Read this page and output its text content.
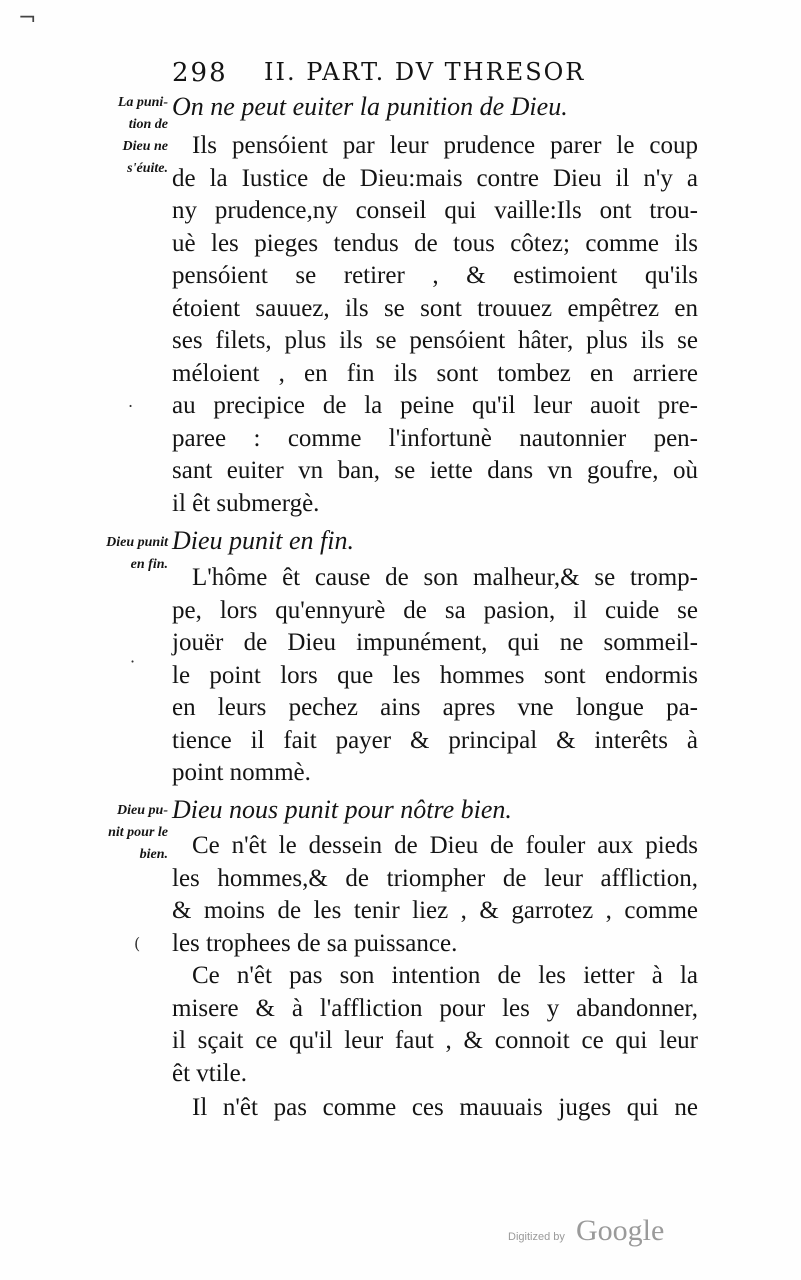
¬
298 II. PART. DV THRESOR
La puni-
tion de
Dieu ne
s'éuite.
On ne peut euiter la punition de Dieu.
Ils pensóient par leur prudence parer le coup
de la Iustice de Dieu:mais contre Dieu il n'y a
ny prudence,ny conseil qui vaille:Ils ont trou-
uè les pieges tendus de tous côtez; comme ils
pensóient se retirer , & estimoient qu'ils
étoient sauuez, ils se sont trouuez empêtrez en
ses filets, plus ils se pensóient hâter, plus ils se
méloient , en fin ils sont tombez en arriere
au precipice de la peine qu'il leur auoit pre-
paree : comme l'infortunè nautonnier pen-
sant euiter vn ban, se iette dans vn goufre, où
il êt submergè.
Dieu punit
en fin.
Dieu punit en fin.
L'hôme êt cause de son malheur,& se tromp-
pe, lors qu'ennyurè de sa pasion, il cuide se
jouër de Dieu impunément, qui ne sommeil-
le point lors que les hommes sont endormis
en leurs pechez ains apres vne longue pa-
tience il fait payer & principal & interêts à
point nommè.
Dieu pu-
nit pour le
bien.
Dieu nous punit pour nôtre bien.
Ce n'êt le dessein de Dieu de fouler aux pieds
les hommes,& de triompher de leur affliction,
& moins de les tenir liez , & garrotez , comme
les trophees de sa puissance.
Ce n'êt pas son intention de les ietter à la
misere & à l'affliction pour les y abandonner,
il sçait ce qu'il leur faut , & connoit ce qui leur
êt vtile.
Il n'êt pas comme ces mauuais juges qui ne
.
·
(
Digitized by Google
